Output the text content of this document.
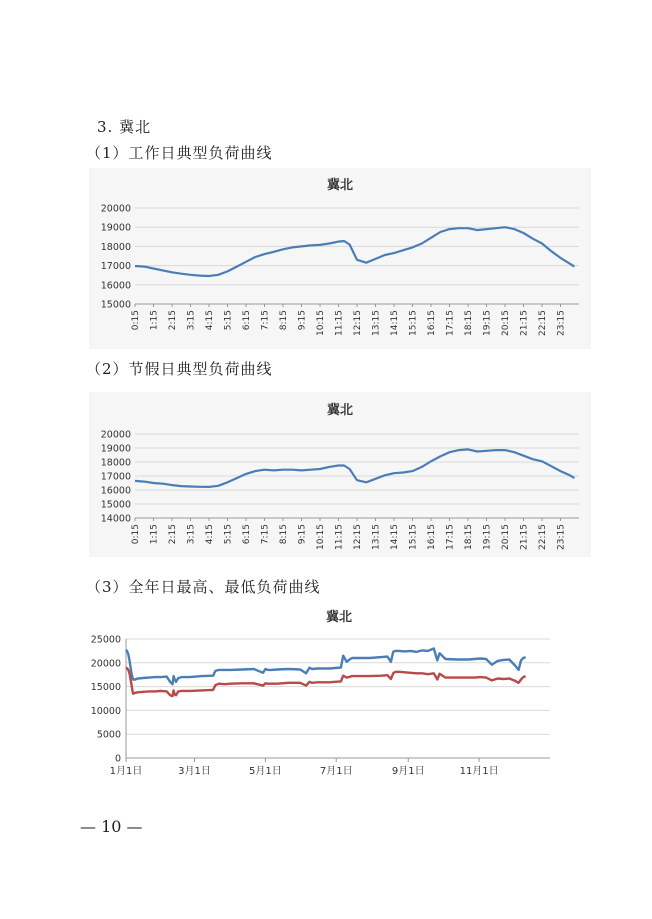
3. 冀北
（1）工作日典型负荷曲线
冀北
15000
16000
17000
18000
19000
20000
0:15 1:15 2:15 3:15 4:15 5:15 6:15 7:15 8:15 9:15 10:15 11:15 12:15 13:15 14:15 15:15 16:15 17:15 18:15 19:15 20:15 21:15 22:15 23:15
（2）节假日典型负荷曲线
冀北
14000
15000
16000
17000
18000
19000
20000
0:15 1:15 2:15 3:15 4:15 5:15 6:15 7:15 8:15 9:15 10:15 11:15 12:15 13:15 14:15 15:15 16:15 17:15 18:15 19:15 20:15 21:15 22:15 23:15
（3）全年日最高、最低负荷曲线
冀北
0
5000
10000
15000
20000
25000
1月1日	3月1日	5月1日	7月1日	9月1日	11月1日
— 10 —
